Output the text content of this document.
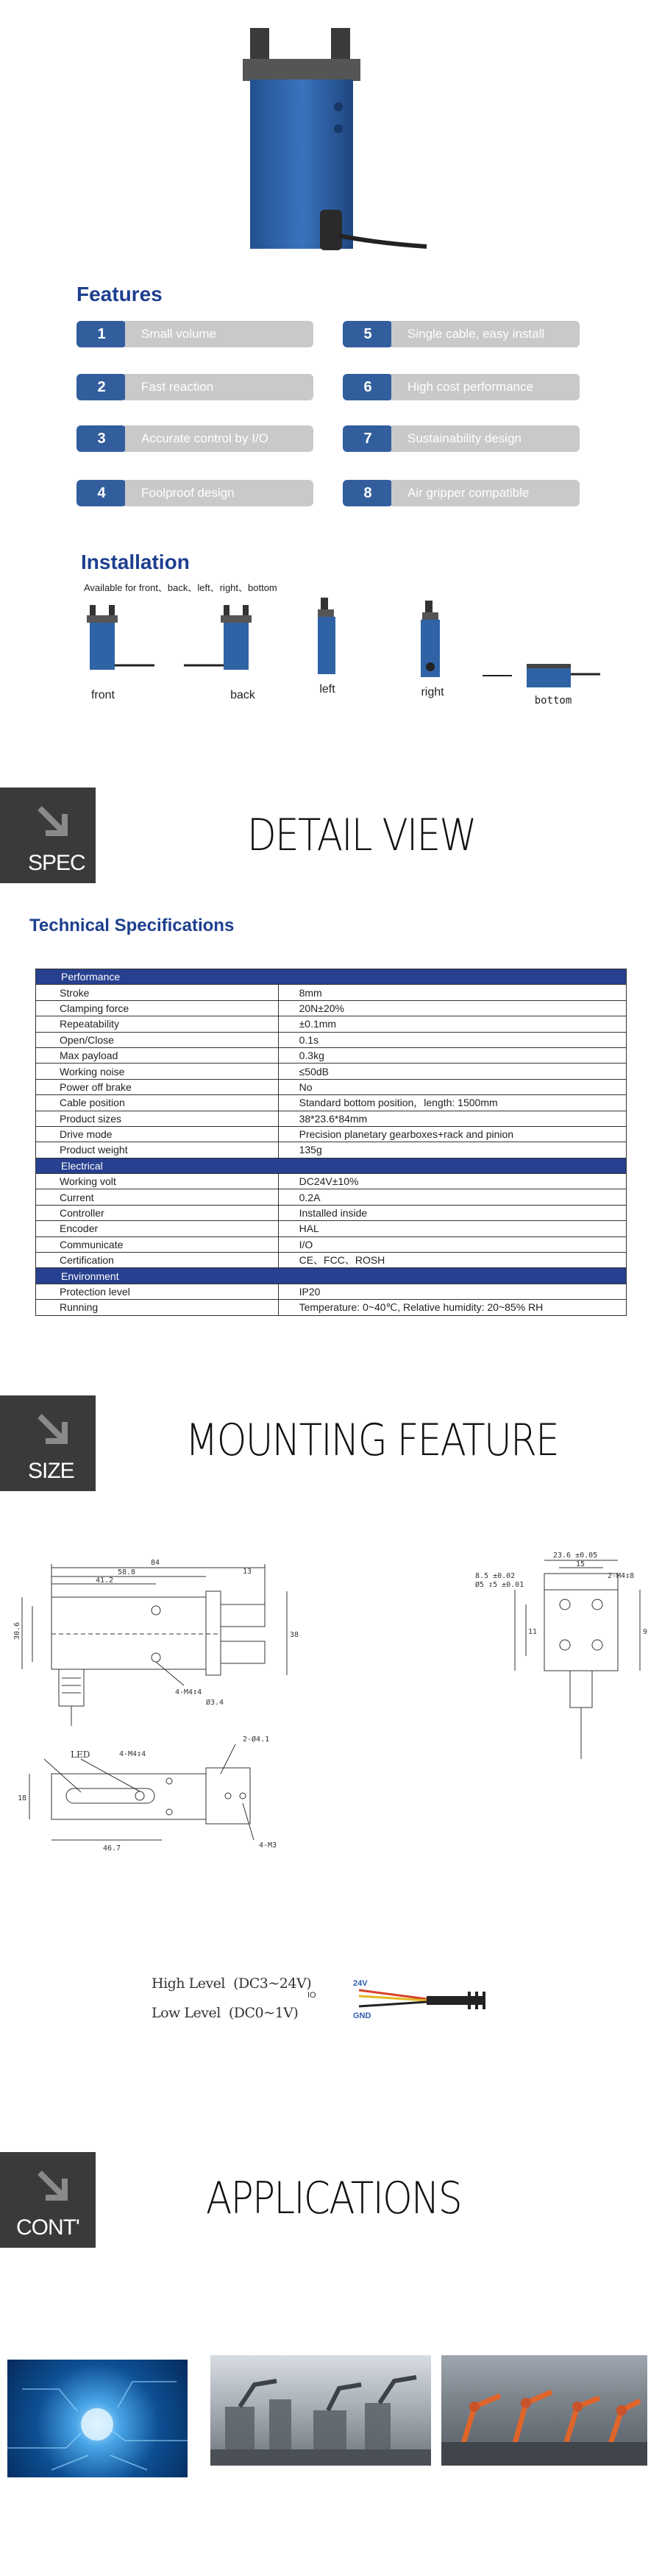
Features
1	Small volume
2	Fast reaction
3	Accurate control by I/O
4	Foolproof design
5	Single cable, easy install
6	High cost performance
7	Sustainability design
8	Air gripper compatible
Installation
Available for front、back、left、right、bottom
front	back	left	right
bottom
SPEC
DETAIL VIEW
Technical Specifications
Performance	
Stroke	8mm
Clamping force	20N±20%
Repeatability	±0.1mm
Open/Close	0.1s
Max payload	0.3kg
Working noise	≤50dB
Power off brake	No
Cable position	Standard bottom position，length: 1500mm
Product sizes	38*23.6*84mm
Drive mode	Precision planetary gearboxes+rack and pinion
Product weight	135g
Electrical	
Working volt	DC24V±10%
Current	0.2A
Controller	Installed inside
Encoder	HAL
Communicate	I/O
Certification	CE、FCC、ROSH
Environment	
Protection level	IP20
Running	Temperature: 0~40℃, Relative humidity: 20~85% RH
SIZE
MOUNTING FEATURE
84
58.8
41.2
13
30.6	38
4-M4↧4
Ø3.4
23.6 ±0.05
15
2-M4↧8
8.5 ±0.02
Ø5 ↧5 ±0.01
11	9
LED	4-M4↧4
2-Ø4.1
4-M3
46.7
18
High Level (DC3~24V)
Low Level (DC0~1V)
24V
IO
GND
CONT'
APPLICATIONS
